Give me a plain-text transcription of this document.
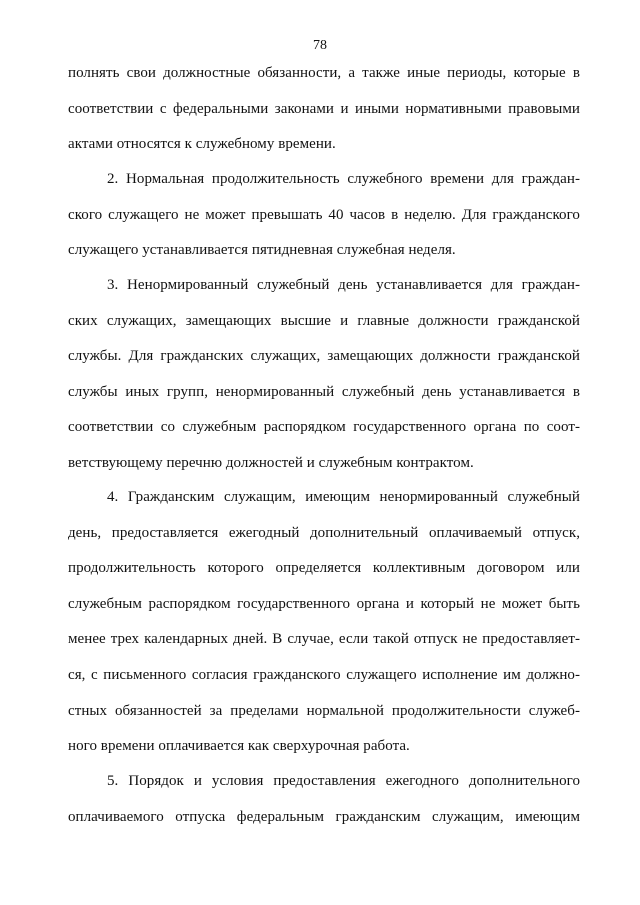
78

полнять свои должностные обязанности, а также иные периоды, которые в
соответствии с федеральными законами и иными нормативными правовыми
актами относятся к служебному времени.
2. Нормальная продолжительность служебного времени для граждан-
ского служащего не может превышать 40 часов в неделю. Для гражданского
служащего устанавливается пятидневная служебная неделя.
3. Ненормированный служебный день устанавливается для граждан-
ских служащих, замещающих высшие и главные должности гражданской
службы. Для гражданских служащих, замещающих должности гражданской
службы иных групп, ненормированный служебный день устанавливается в
соответствии со служебным распорядком государственного органа по соот-
ветствующему перечню должностей и служебным контрактом.
4. Гражданским служащим, имеющим ненормированный служебный
день, предоставляется ежегодный дополнительный оплачиваемый отпуск,
продолжительность которого определяется коллективным договором или
служебным распорядком государственного органа и который не может быть
менее трех календарных дней. В случае, если такой отпуск не предоставляет-
ся, с письменного согласия гражданского служащего исполнение им должно-
стных обязанностей за пределами нормальной продолжительности служеб-
ного времени оплачивается как сверхурочная работа.
5. Порядок и условия предоставления ежегодного дополнительного
оплачиваемого отпуска федеральным гражданским служащим, имеющим
